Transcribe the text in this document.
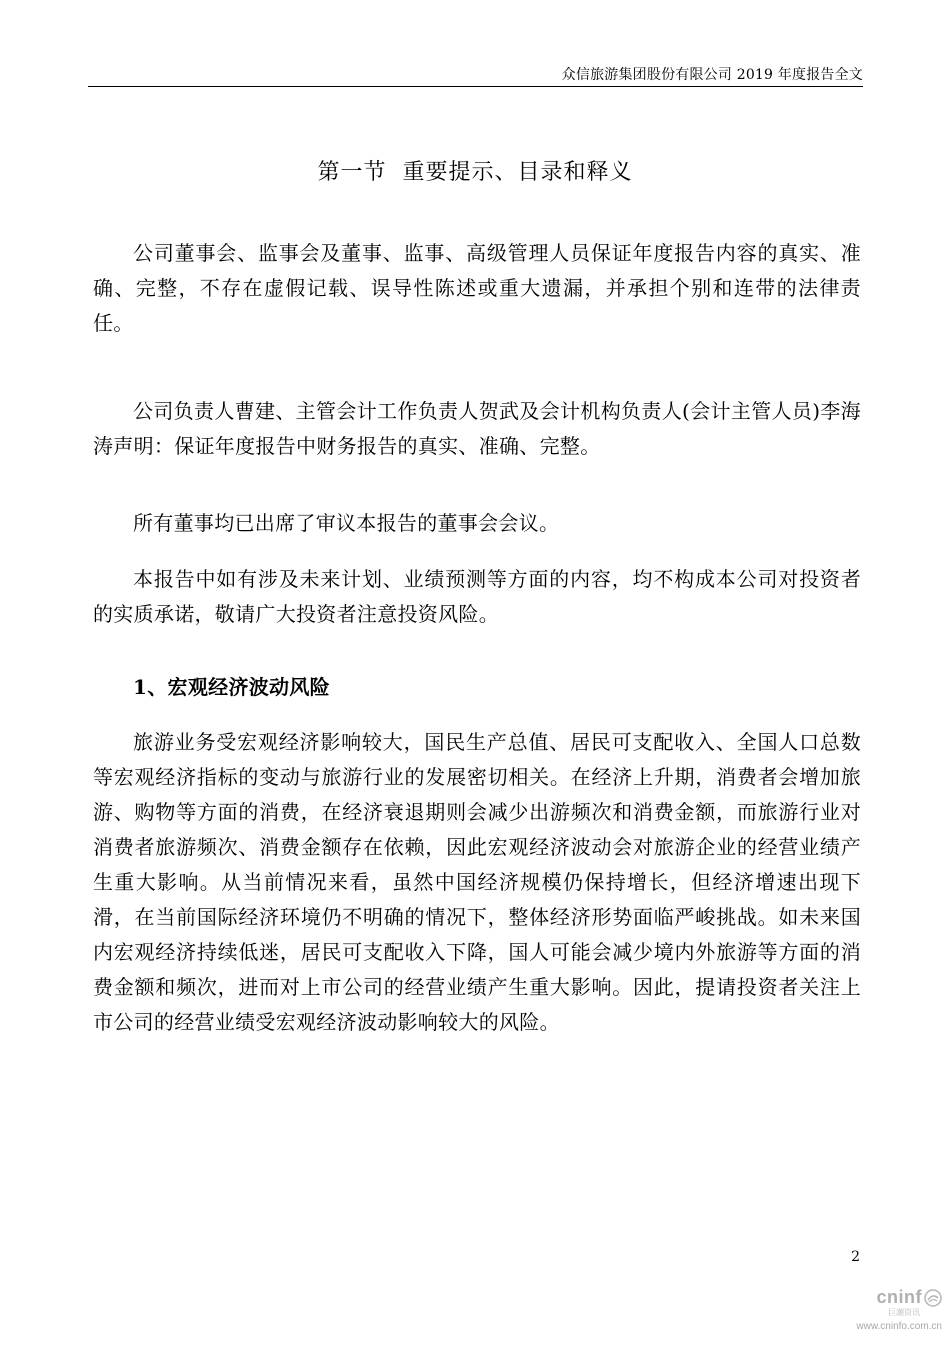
众信旅游集团股份有限公司 2019 年度报告全文
第一节  重要提示、目录和释义

公司董事会、监事会及董事、监事、高级管理人员保证年度报告内容的真实、准确、完整，不存在虚假记载、误导性陈述或重大遗漏，并承担个别和连带的法律责任。

公司负责人曹建、主管会计工作负责人贺武及会计机构负责人(会计主管人员)李海涛声明：保证年度报告中财务报告的真实、准确、完整。

所有董事均已出席了审议本报告的董事会会议。

本报告中如有涉及未来计划、业绩预测等方面的内容，均不构成本公司对投资者的实质承诺，敬请广大投资者注意投资风险。

1、宏观经济波动风险

旅游业务受宏观经济影响较大，国民生产总值、居民可支配收入、全国人口总数等宏观经济指标的变动与旅游行业的发展密切相关。在经济上升期，消费者会增加旅游、购物等方面的消费，在经济衰退期则会减少出游频次和消费金额，而旅游行业对消费者旅游频次、消费金额存在依赖，因此宏观经济波动会对旅游企业的经营业绩产生重大影响。从当前情况来看，虽然中国经济规模仍保持增长，但经济增速出现下滑，在当前国际经济环境仍不明确的情况下，整体经济形势面临严峻挑战。如未来国内宏观经济持续低迷，居民可支配收入下降，国人可能会减少境内外旅游等方面的消费金额和频次，进而对上市公司的经营业绩产生重大影响。因此，提请投资者关注上市公司的经营业绩受宏观经济波动影响较大的风险。

2
cninf
巨潮资讯
www.cninfo.com.cn
